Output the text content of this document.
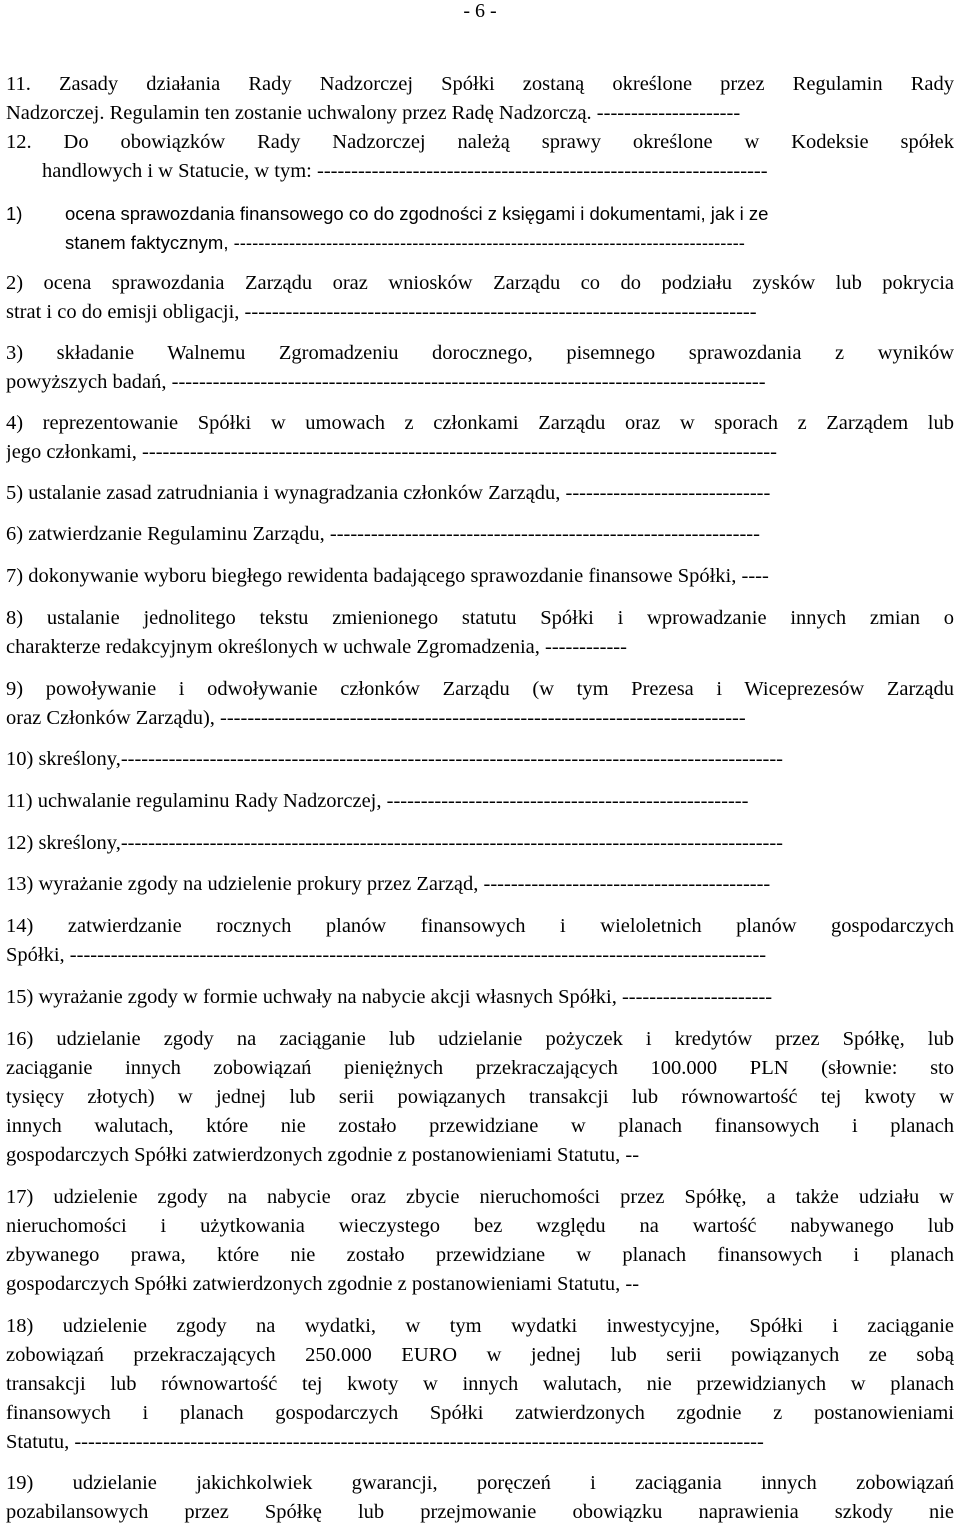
- 6 -
11. Zasady działania Rady Nadzorczej Spółki zostaną określone przez Regulamin Rady
Nadzorczej. Regulamin ten zostanie uchwalony przez Radę Nadzorczą. ---------------------
12. Do obowiązków Rady Nadzorczej należą sprawy określone w Kodeksie spółek
handlowych i w Statucie, w tym: ------------------------------------------------------------------
1)	ocena sprawozdania finansowego co do zgodności z księgami i dokumentami, jak i ze
stanem faktycznym, -----------------------------------------------------------------------------------
2) ocena sprawozdania Zarządu oraz wniosków Zarządu co do podziału zysków lub pokrycia
strat i co do emisji obligacji, ---------------------------------------------------------------------------
3) składanie Walnemu Zgromadzeniu dorocznego, pisemnego sprawozdania z wyników
powyższych badań, ---------------------------------------------------------------------------------------
4) reprezentowanie Spółki w umowach z członkami Zarządu oraz w sporach z Zarządem lub
jego członkami, ---------------------------------------------------------------------------------------------
5) ustalanie zasad zatrudniania i wynagradzania członków Zarządu, ------------------------------
6) zatwierdzanie Regulaminu Zarządu, ---------------------------------------------------------------
7) dokonywanie wyboru biegłego rewidenta badającego sprawozdanie finansowe Spółki, ----
8) ustalanie jednolitego tekstu zmienionego statutu Spółki i wprowadzanie innych zmian o
charakterze redakcyjnym określonych w uchwale Zgromadzenia, ------------
9) powoływanie i odwoływanie członków Zarządu (w tym Prezesa i Wiceprezesów Zarządu
oraz Członków Zarządu), -----------------------------------------------------------------------------
10) skreślony,-------------------------------------------------------------------------------------------------
11) uchwalanie regulaminu Rady Nadzorczej, -----------------------------------------------------
12) skreślony,-------------------------------------------------------------------------------------------------
13) wyrażanie zgody na udzielenie prokury przez Zarząd, ------------------------------------------
14) zatwierdzanie rocznych planów finansowych i wieloletnich planów gospodarczych
Spółki, ------------------------------------------------------------------------------------------------------
15) wyrażanie zgody w formie uchwały na nabycie akcji własnych Spółki, ----------------------
16) udzielanie zgody na zaciąganie lub udzielanie pożyczek i kredytów przez Spółkę, lub
zaciąganie innych zobowiązań pieniężnych przekraczających 100.000 PLN (słownie: sto
tysięcy złotych) w jednej lub serii powiązanych transakcji lub równowartość tej kwoty w
innych walutach, które nie zostało przewidziane w planach finansowych i planach
gospodarczych Spółki zatwierdzonych zgodnie z postanowieniami Statutu, --
17) udzielenie zgody na nabycie oraz zbycie nieruchomości przez Spółkę, a także udziału w
nieruchomości i użytkowania wieczystego bez względu na wartość nabywanego lub
zbywanego prawa, które nie zostało przewidziane w planach finansowych i planach
gospodarczych Spółki zatwierdzonych zgodnie z postanowieniami Statutu, --
18) udzielenie zgody na wydatki, w tym wydatki inwestycyjne, Spółki i zaciąganie
zobowiązań przekraczających 250.000 EURO w jednej lub serii powiązanych ze sobą
transakcji lub równowartość tej kwoty w innych walutach, nie przewidzianych w planach
finansowych i planach gospodarczych Spółki zatwierdzonych zgodnie z postanowieniami
Statutu, -----------------------------------------------------------------------------------------------------
19) udzielanie jakichkolwiek gwarancji, poręczeń i zaciągania innych zobowiązań
pozabilansowych przez Spółkę lub przejmowanie obowiązku naprawienia szkody nie
